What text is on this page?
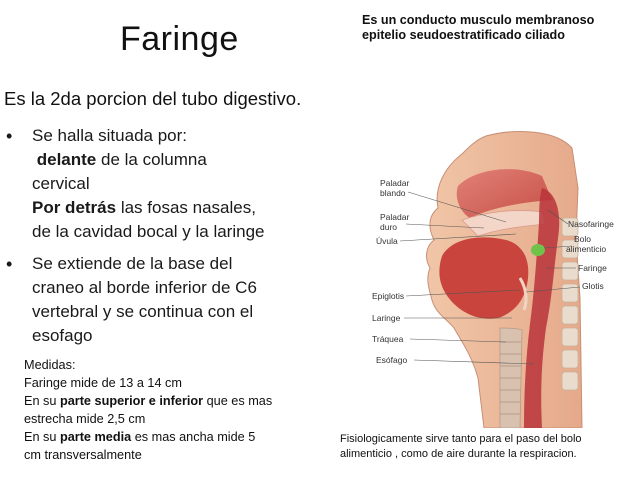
Faringe	Es un conducto musculo membranoso
epitelio seudoestratificado ciliado
Es la 2da porcion del tubo digestivo.
• Se halla situada por:
delante de la columna
cervical
Por detrás las fosas nasales,
de la cavidad bocal y la laringe
• Se extiende de la base del
craneo al borde inferior de C6
vertebral y se continua con el
esofago
Medidas:
Faringe mide de 13 a 14 cm
En su parte superior e inferior que es mas
estrecha mide 2,5 cm
En su parte media es mas ancha mide 5
cm transversalmente
Paladar
blando
Paladar
duro
Úvula
Epiglotis
Laringe
Tráquea
Esófago
Nasofaringe
Bolo
alimenticio
Faringe
Glotis
Fisiologicamente sirve tanto para el paso del bolo
alimenticio , como de aire durante la respiracion.
